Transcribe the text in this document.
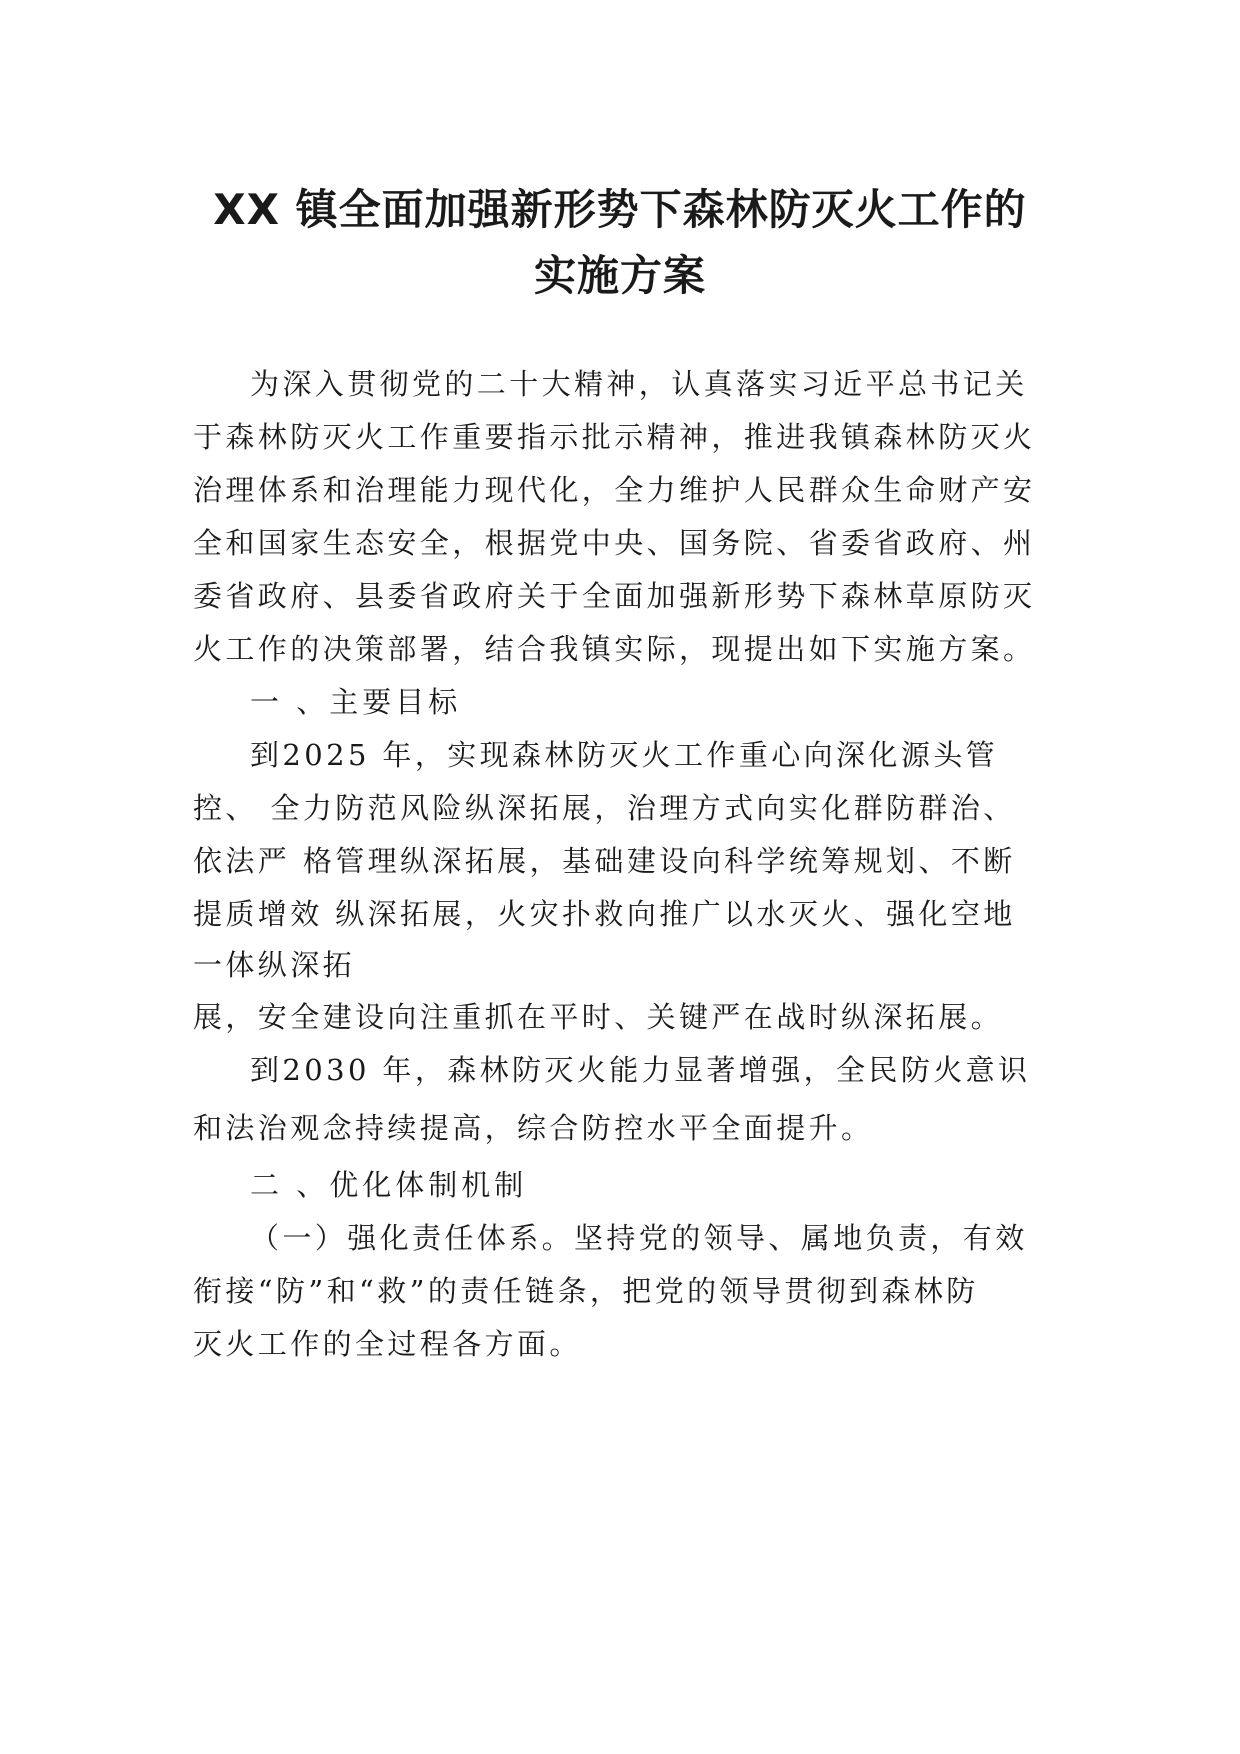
XX 镇全面加强新形势下森林防灭火工作的
实施方案

为深入贯彻党的二十大精神，认真落实习近平总书记关

于森林防灭火工作重要指示批示精神，推进我镇森林防灭火

治理体系和治理能力现代化，全力维护人民群众生命财产安

全和国家生态安全，根据党中央、国务院、省委省政府、州

委省政府、县委省政府关于全面加强新形势下森林草原防灭

火工作的决策部署，结合我镇实际，现提出如下实施方案。

一 、主要目标

到2025 年，实现森林防灭火工作重心向深化源头管

控、 全力防范风险纵深拓展，治理方式向实化群防群治、

依法严 格管理纵深拓展，基础建设向科学统筹规划、不断

提质增效 纵深拓展，火灾扑救向推广以水灭火、强化空地

一体纵深拓

展，安全建设向注重抓在平时、关键严在战时纵深拓展。

到2030 年，森林防灭火能力显著增强，全民防火意识

和法治观念持续提高，综合防控水平全面提升。

二 、优化体制机制

（一）强化责任体系。坚持党的领导、属地负责，有效

衔接“防”和“救”的责任链条，把党的领导贯彻到森林防

灭火工作的全过程各方面。
